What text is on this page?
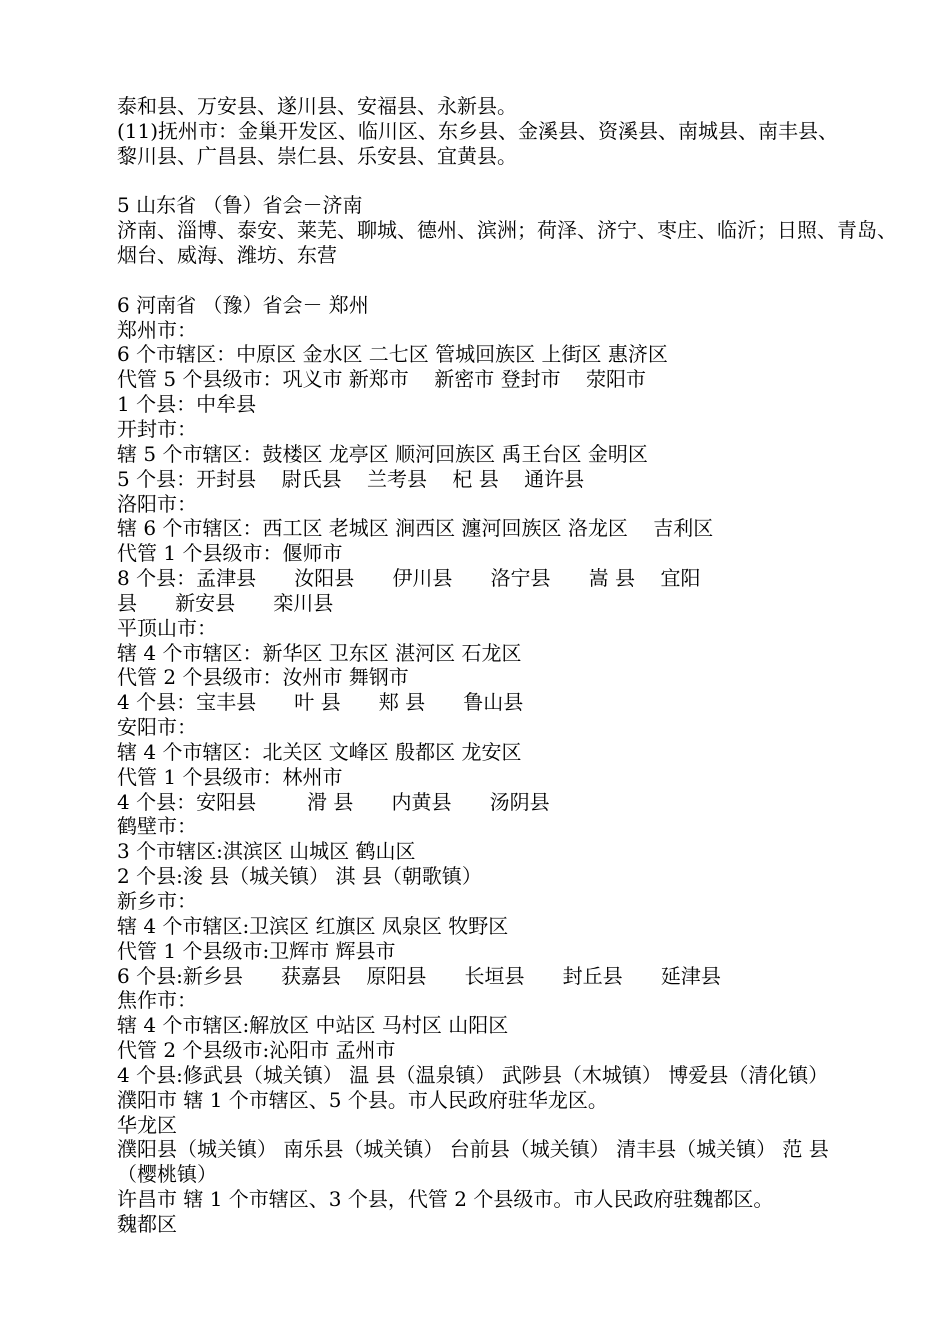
泰和县、万安县、遂川县、安福县、永新县。
(11)抚州市：金巢开发区、临川区、东乡县、金溪县、资溪县、南城县、南丰县、
黎川县、广昌县、崇仁县、乐安县、宜黄县。
5 山东省 （鲁）省会－济南
济南、淄博、泰安、莱芜、聊城、德州、滨洲；荷泽、济宁、枣庄、临沂；日照、青岛、
烟台、威海、潍坊、东营
6 河南省 （豫）省会－ 郑州
郑州市：
6 个市辖区：中原区 金水区 二七区 管城回族区 上街区 惠济区
代管 5 个县级市：巩义市 新郑市    新密市 登封市    荥阳市
1 个县：中牟县
开封市：
辖 5 个市辖区：鼓楼区 龙亭区 顺河回族区 禹王台区 金明区
5 个县：开封县    尉氏县    兰考县    杞 县    通许县
洛阳市：
辖 6 个市辖区：西工区 老城区 涧西区 瀍河回族区 洛龙区    吉利区
代管 1 个县级市：偃师市
8 个县：孟津县      汝阳县      伊川县      洛宁县      嵩 县    宜阳
县      新安县      栾川县
平顶山市：
辖 4 个市辖区：新华区 卫东区 湛河区 石龙区
代管 2 个县级市：汝州市 舞钢市
4 个县：宝丰县      叶 县      郏 县      鲁山县
安阳市：
辖 4 个市辖区：北关区 文峰区 殷都区 龙安区
代管 1 个县级市：林州市
4 个县：安阳县        滑 县      内黄县      汤阴县
鹤壁市：
3 个市辖区:淇滨区 山城区 鹤山区
2 个县:浚 县（城关镇） 淇 县（朝歌镇）
新乡市：
辖 4 个市辖区:卫滨区 红旗区 凤泉区 牧野区
代管 1 个县级市:卫辉市 辉县市
6 个县:新乡县      获嘉县    原阳县      长垣县      封丘县      延津县
焦作市：
辖 4 个市辖区:解放区 中站区 马村区 山阳区
代管 2 个县级市:沁阳市 孟州市
4 个县:修武县（城关镇） 温 县（温泉镇） 武陟县（木城镇） 博爱县（清化镇）
濮阳市 辖 1 个市辖区、5 个县。市人民政府驻华龙区。
华龙区
濮阳县（城关镇） 南乐县（城关镇） 台前县（城关镇） 清丰县（城关镇） 范 县
（樱桃镇）
许昌市 辖 1 个市辖区、3 个县，代管 2 个县级市。市人民政府驻魏都区。
魏都区
